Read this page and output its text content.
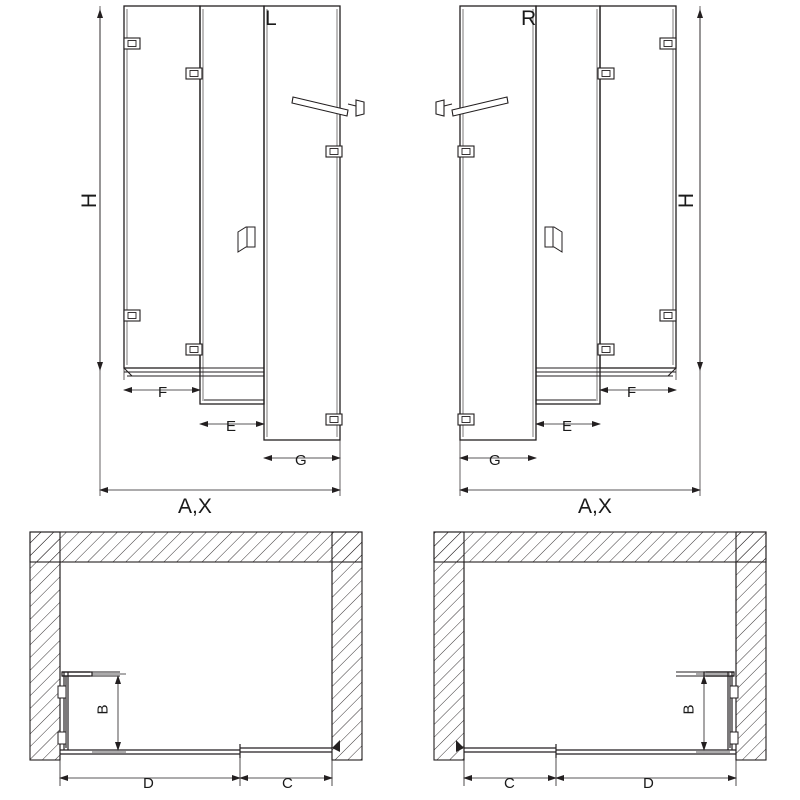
L	R
H
F
E
G
A,X
H
F
E
G
A,X
B
D	C
B
C	D
